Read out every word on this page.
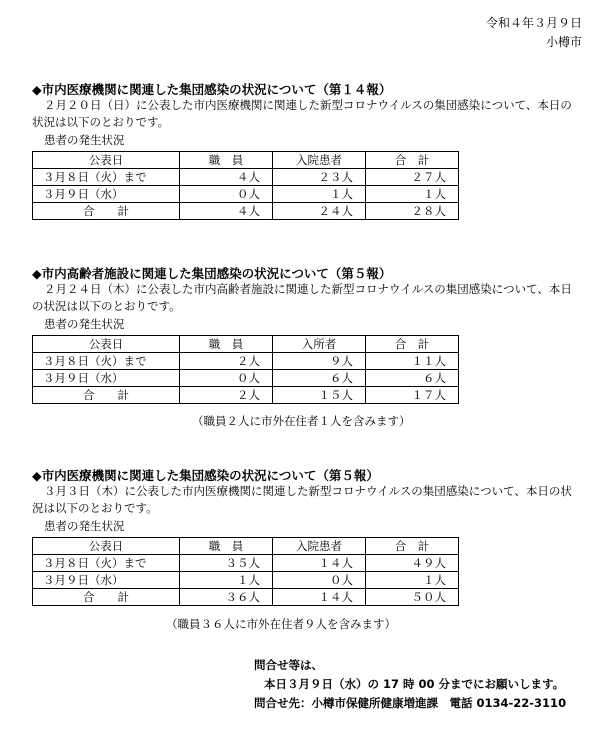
令和４年３月９日
小樽市
◆市内医療機関に関連した集団感染の状況について（第１４報）
２月２０日（日）に公表した市内医療機関に関連した新型コロナウイルスの集団感染について、本日の状況は以下のとおりです。
患者の発生状況
公表日	職　員	入院患者	合　計
３月８日（火）まで	４人	２３人	２７人
３月９日（水）	０人	１人	１人
合　　計	４人	２４人	２８人
◆市内高齢者施設に関連した集団感染の状況について（第５報）
２月２４日（木）に公表した市内高齢者施設に関連した新型コロナウイルスの集団感染について、本日の状況は以下のとおりです。
患者の発生状況
公表日	職　員	入所者	合　計
３月８日（火）まで	２人	９人	１１人
３月９日（水）	０人	６人	６人
合　　計	２人	１５人	１７人
（職員２人に市外在住者１人を含みます）
◆市内医療機関に関連した集団感染の状況について（第５報）
３月３日（木）に公表した市内医療機関に関連した新型コロナウイルスの集団感染について、本日の状況は以下のとおりです。
患者の発生状況
公表日	職　員	入院患者	合　計
３月８日（火）まで	３５人	１４人	４９人
３月９日（水）	１人	０人	１人
合　　計	３６人	１４人	５０人
（職員３６人に市外在住者９人を含みます）
問合せ等は、
本日３月９日（水）の 17 時 00 分までにお願いします。
問合せ先：小樽市保健所健康増進課　電話 0134-22-3110
